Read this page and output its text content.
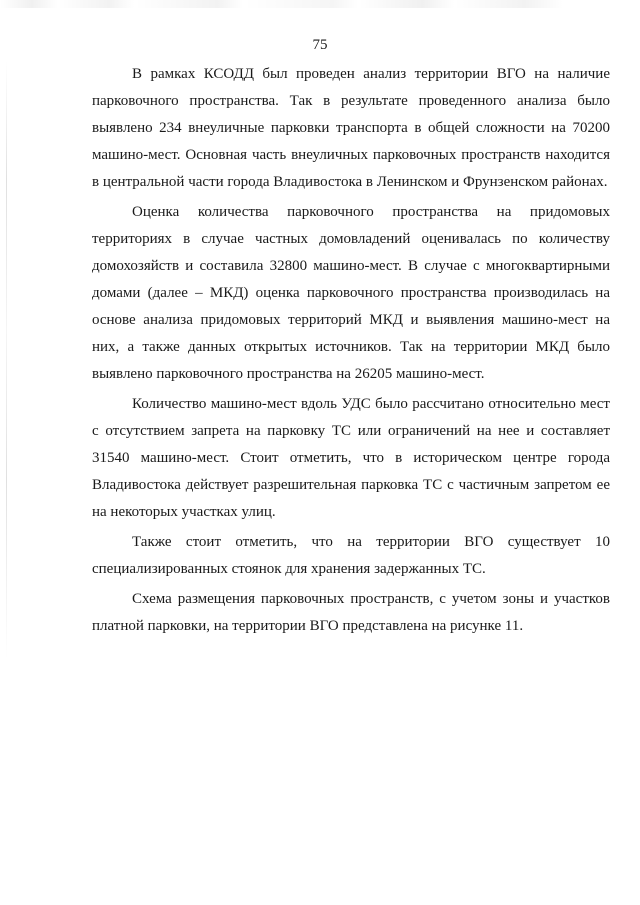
75

В рамках КСОДД был проведен анализ территории ВГО на наличие парковочного пространства. Так в результате проведенного анализа было выявлено 234 внеуличные парковки транспорта в общей сложности на 70200 машино-мест. Основная часть внеуличных парковочных пространств находится в центральной части города Владивостока в Ленинском и Фрунзенском районах.

Оценка количества парковочного пространства на придомовых территориях в случае частных домовладений оценивалась по количеству домохозяйств и составила 32800 машино-мест. В случае с многоквартирными домами (далее – МКД) оценка парковочного пространства производилась на основе анализа придомовых территорий МКД и выявления машино-мест на них, а также данных открытых источников. Так на территории МКД было выявлено парковочного пространства на 26205 машино-мест.

Количество машино-мест вдоль УДС было рассчитано относительно мест с отсутствием запрета на парковку ТС или ограничений на нее и составляет 31540 машино-мест. Стоит отметить, что в историческом центре города Владивостока действует разрешительная парковка ТС с частичным запретом ее на некоторых участках улиц.

Также стоит отметить, что на территории ВГО существует 10 специализированных стоянок для хранения задержанных ТС.

Схема размещения парковочных пространств, с учетом зоны и участков платной парковки, на территории ВГО представлена на рисунке 11.
